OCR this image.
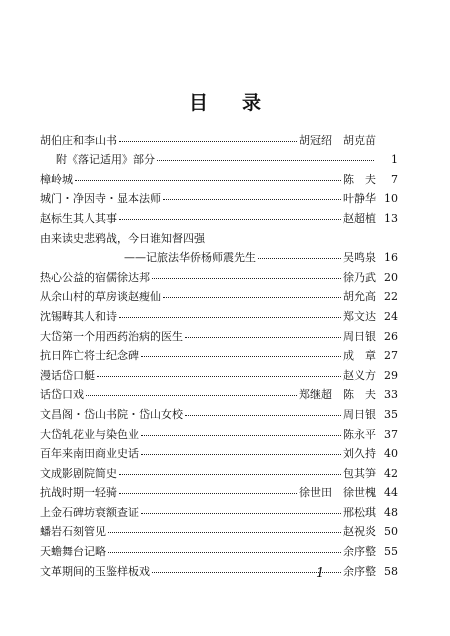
目 录
胡伯庄和李山书	胡冠绍　胡克苗
附《落记适用》部分	1
樟岭城	陈　夫	7
城门・净因寺・显本法师	叶静华 10
赵标生其人其事	赵超植 13
由来读史悲鸦战，今日谁知督四强
——记旅法华侨杨师震先生	吴鸣泉 16
热心公益的宿儒徐达邦	徐乃武 20
从余山村的草房谈赵瘦仙	胡允高 22
沈锡畴其人和诗	郑文达 24
大岱第一个用西药治病的医生	周日银 26
抗日阵亡将士纪念碑	成　章 27
漫话岱口艇	赵义方 29
话岱口戏	郑继超　陈　夫 33
文昌阁・岱山书院・岱山女校	周日银 35
大岱轧花业与染色业	陈永平 37
百年来南田商业史话	刘久持 40
文成影剧院简史	包其笋 42
抗战时期一轻骑	徐世田　徐世槐 44
上金石碑坊衰额查证	邢松琪 48
蟠岩石刻管见	赵祝炎 50
天蟾舞台记略	余序整 55
文革期间的玉鉴样板戏	余序整 58
1
